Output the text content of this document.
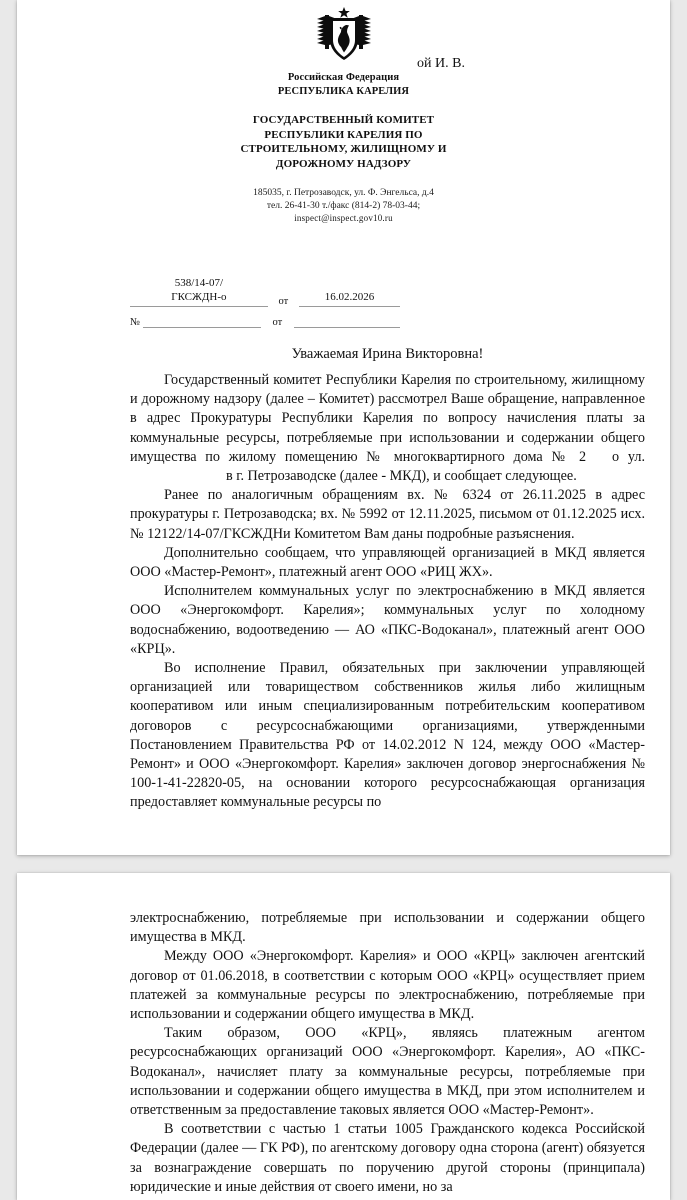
Российская Федерация
РЕСПУБЛИКА КАРЕЛИЯ
ГОСУДАРСТВЕННЫЙ КОМИТЕТ
РЕСПУБЛИКИ КАРЕЛИЯ ПО
СТРОИТЕЛЬНОМУ, ЖИЛИЩНОМУ И
ДОРОЖНОМУ НАДЗОРУ
185035, г. Петрозаводск, ул. Ф. Энгельса, д.4
тел. 26-41-30 т./факс (814-2) 78-03-44;
inspect@inspect.gov10.ru
ой И. В.
538/14-07/
ГКСЖДН-о	от	16.02.2026
№	от
Уважаемая Ирина Викторовна!

Государственный комитет Республики Карелия по строительному, жилищному и дорожному надзору (далее – Комитет) рассмотрел Ваше обращение, направленное в адрес Прокуратуры Республики Карелия по вопросу начисления платы за коммунальные ресурсы, потребляемые при использовании и содержании общего имущества по жилому помещению № многоквартирного дома № 2 о ул.в г. Петрозаводске (далее - МКД), и сообщает следующее.

Ранее по аналогичным обращениям вх. № 6324 от 26.11.2025 в адрес прокуратуры г. Петрозаводска; вх. № 5992 от 12.11.2025, письмом от 01.12.2025 исх. № 12122/14-07/ГКСЖДНи Комитетом Вам даны подробные разъяснения.

Дополнительно сообщаем, что управляющей организацией в МКД является ООО «Мастер-Ремонт», платежный агент ООО «РИЦ ЖХ».

Исполнителем коммунальных услуг по электроснабжению в МКД является ООО «Энергокомфорт. Карелия»; коммунальных услуг по холодному водоснабжению, водоотведению — АО «ПКС-Водоканал», платежный агент ООО «КРЦ».

Во исполнение Правил, обязательных при заключении управляющей организацией или товариществом собственников жилья либо жилищным кооперативом или иным специализированным потребительским кооперативом договоров с ресурсоснабжающими организациями, утвержденными Постановлением Правительства РФ от 14.02.2012 N 124, между ООО «Мастер-Ремонт» и ООО «Энергокомфорт. Карелия» заключен договор энергоснабжения № 100-1-41-22820-05, на основании которого ресурсоснабжающая организация предоставляет коммунальные ресурсы по

электроснабжению, потребляемые при использовании и содержании общего имущества в МКД.

Между ООО «Энергокомфорт. Карелия» и ООО «КРЦ» заключен агентский договор от 01.06.2018, в соответствии с которым ООО «КРЦ» осуществляет прием платежей за коммунальные ресурсы по электроснабжению, потребляемые при использовании и содержании общего имущества в МКД.

Таким образом, ООО «КРЦ», являясь платежным агентом ресурсоснабжающих организаций ООО «Энергокомфорт. Карелия», АО «ПКС-Водоканал», начисляет плату за коммунальные ресурсы, потребляемые при использовании и содержании общего имущества в МКД, при этом исполнителем и ответственным за предоставление таковых является ООО «Мастер-Ремонт».

В соответствии с частью 1 статьи 1005 Гражданского кодекса Российской Федерации (далее — ГК РФ), по агентскому договору одна сторона (агент) обязуется за вознаграждение совершать по поручению другой стороны (принципала) юридические и иные действия от своего имени, но за
